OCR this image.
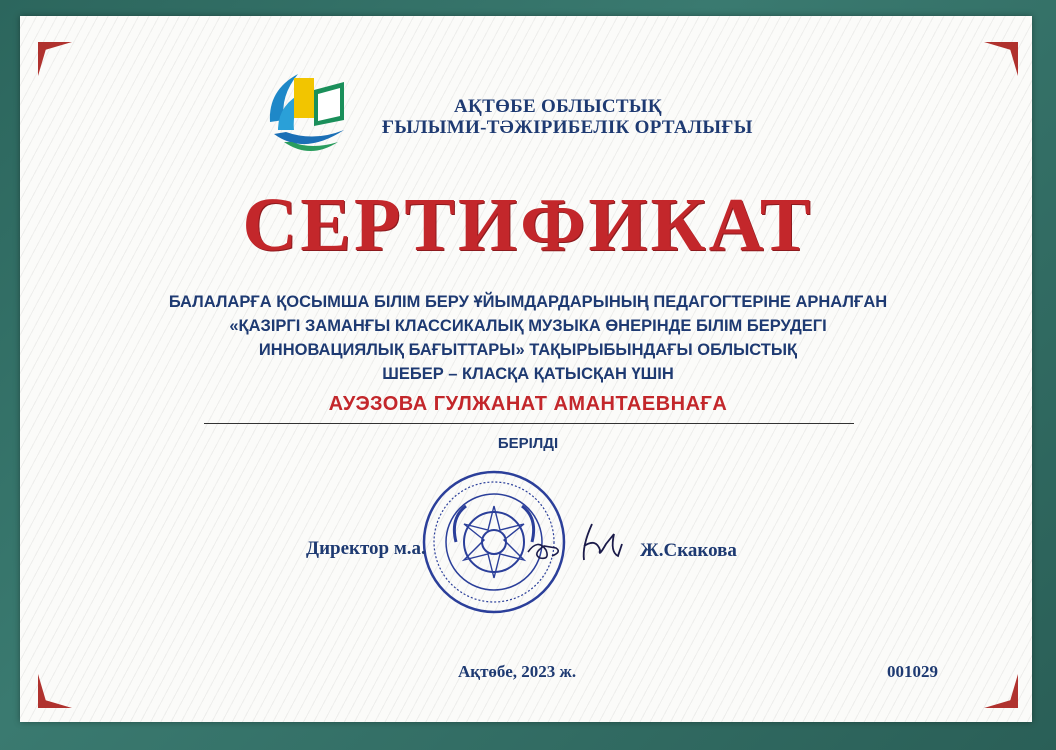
АҚТӨБЕ ОБЛЫСТЫҚ
ҒЫЛЫМИ-ТӘЖІРИБЕЛІК ОРТАЛЫҒЫ
СЕРТИФИКАТ
БАЛАЛАРҒА ҚОСЫМША БІЛІМ БЕРУ ҰЙЫМДАРДАРЫНЫҢ ПЕДАГОГТЕРІНЕ АРНАЛҒАН
«ҚАЗІРГІ ЗАМАНҒЫ КЛАССИКАЛЫҚ МУЗЫКА ӨНЕРІНДЕ БІЛІМ БЕРУДЕГІ
ИННОВАЦИЯЛЫҚ БАҒЫТТАРЫ» ТАҚЫРЫБЫНДАҒЫ ОБЛЫСТЫҚ
ШЕБЕР – КЛАСҚА ҚАТЫСҚАН ҮШІН
АУЭЗОВА ГУЛЖАНАТ АМАНТАЕВНАҒА
БЕРІЛДІ
Директор м.а.	Ж.Скакова
Ақтөбе, 2023 ж.	001029
